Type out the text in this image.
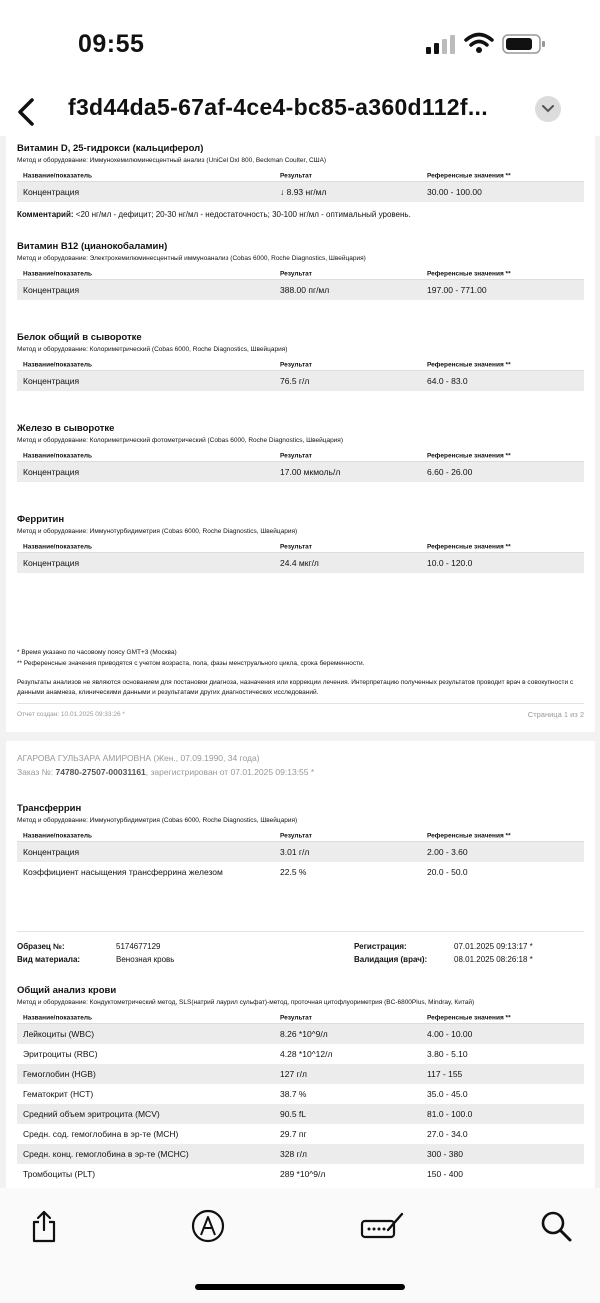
09:55
f3d44da5-67af-4ce4-bc85-a360d112f...
Витамин D, 25-гидрокси (кальциферол)
Метод и оборудование: Иммунохемилюминесцентный анализ (UniCel DxI 800, Beckman Coulter, США)
Название/показатель	Результат	Референсные значения **
Концентрация	↓ 8.93 нг/мл	30.00 - 100.00
Комментарий: <20 нг/мл - дефицит; 20-30 нг/мл - недостаточность; 30-100 нг/мл - оптимальный уровень.
Витамин В12 (цианокобаламин)
Метод и оборудование: Электрохемилюминесцентный иммуноанализ (Cobas 6000, Roche Diagnostics, Швейцария)
Название/показатель	Результат	Референсные значения **
Концентрация	388.00 пг/мл	197.00 - 771.00
Белок общий в сыворотке
Метод и оборудование: Колориметрический (Cobas 6000, Roche Diagnostics, Швейцария)
Название/показатель	Результат	Референсные значения **
Концентрация	76.5 г/л	64.0 - 83.0
Железо в сыворотке
Метод и оборудование: Колориметрический фотометрический (Cobas 6000, Roche Diagnostics, Швейцария)
Название/показатель	Результат	Референсные значения **
Концентрация	17.00 мкмоль/л	6.60 - 26.00
Ферритин
Метод и оборудование: Иммунотурбидиметрия (Cobas 6000, Roche Diagnostics, Швейцария)
Название/показатель	Результат	Референсные значения **
Концентрация	24.4 мкг/л	10.0 - 120.0
* Время указано по часовому поясу GMT+3 (Москва)
** Референсные значения приводятся с учетом возраста, пола, фазы менструального цикла, срока беременности.
Результаты анализов не являются основанием для постановки диагноза, назначения или коррекции лечения. Интерпретацию полученных результатов проводит врач в совокупности с данными анамнеза, клиническими данными и результатами других диагностических исследований.
Отчет создан: 10.01.2025 09:33:26 *	Страница 1 из 2
АГАРОВА ГУЛЬЗАРА АМИРОВНА (Жен., 07.09.1990, 34 года)
Заказ №: 74780-27507-00031161, зарегистрирован от 07.01.2025 09:13:55 *
Трансферрин
Метод и оборудование: Иммунотурбидиметрия (Cobas 6000, Roche Diagnostics, Швейцария)
Название/показатель	Результат	Референсные значения **
Концентрация	3.01 г/л	2.00 - 3.60
Коэффициент насыщения трансферрина железом	22.5 %	20.0 - 50.0
Образец №:	5174677129	Регистрация:	07.01.2025 09:13:17 *
Вид материала:	Венозная кровь	Валидация (врач):	08.01.2025 08:26:18 *
Общий анализ крови
Метод и оборудование: Кондуктометрический метод, SLS(натрий лаурил сульфат)-метод, проточная цитофлуориметрия (BC-6800Plus, Mindray, Китай)
Название/показатель	Результат	Референсные значения **
Лейкоциты (WBC)	8.26 *10^9/л	4.00 - 10.00
Эритроциты (RBC)	4.28 *10^12/л	3.80 - 5.10
Гемоглобин (HGB)	127 г/л	117 - 155
Гематокрит (HCT)	38.7 %	35.0 - 45.0
Средний объем эритроцита (MCV)	90.5 fL	81.0 - 100.0
Средн. сод. гемоглобина в эр-те (MCH)	29.7 пг	27.0 - 34.0
Средн. конц. гемоглобина в эр-те (MCHC)	328 г/л	300 - 380
Тромбоциты (PLT)	289 *10^9/л	150 - 400
